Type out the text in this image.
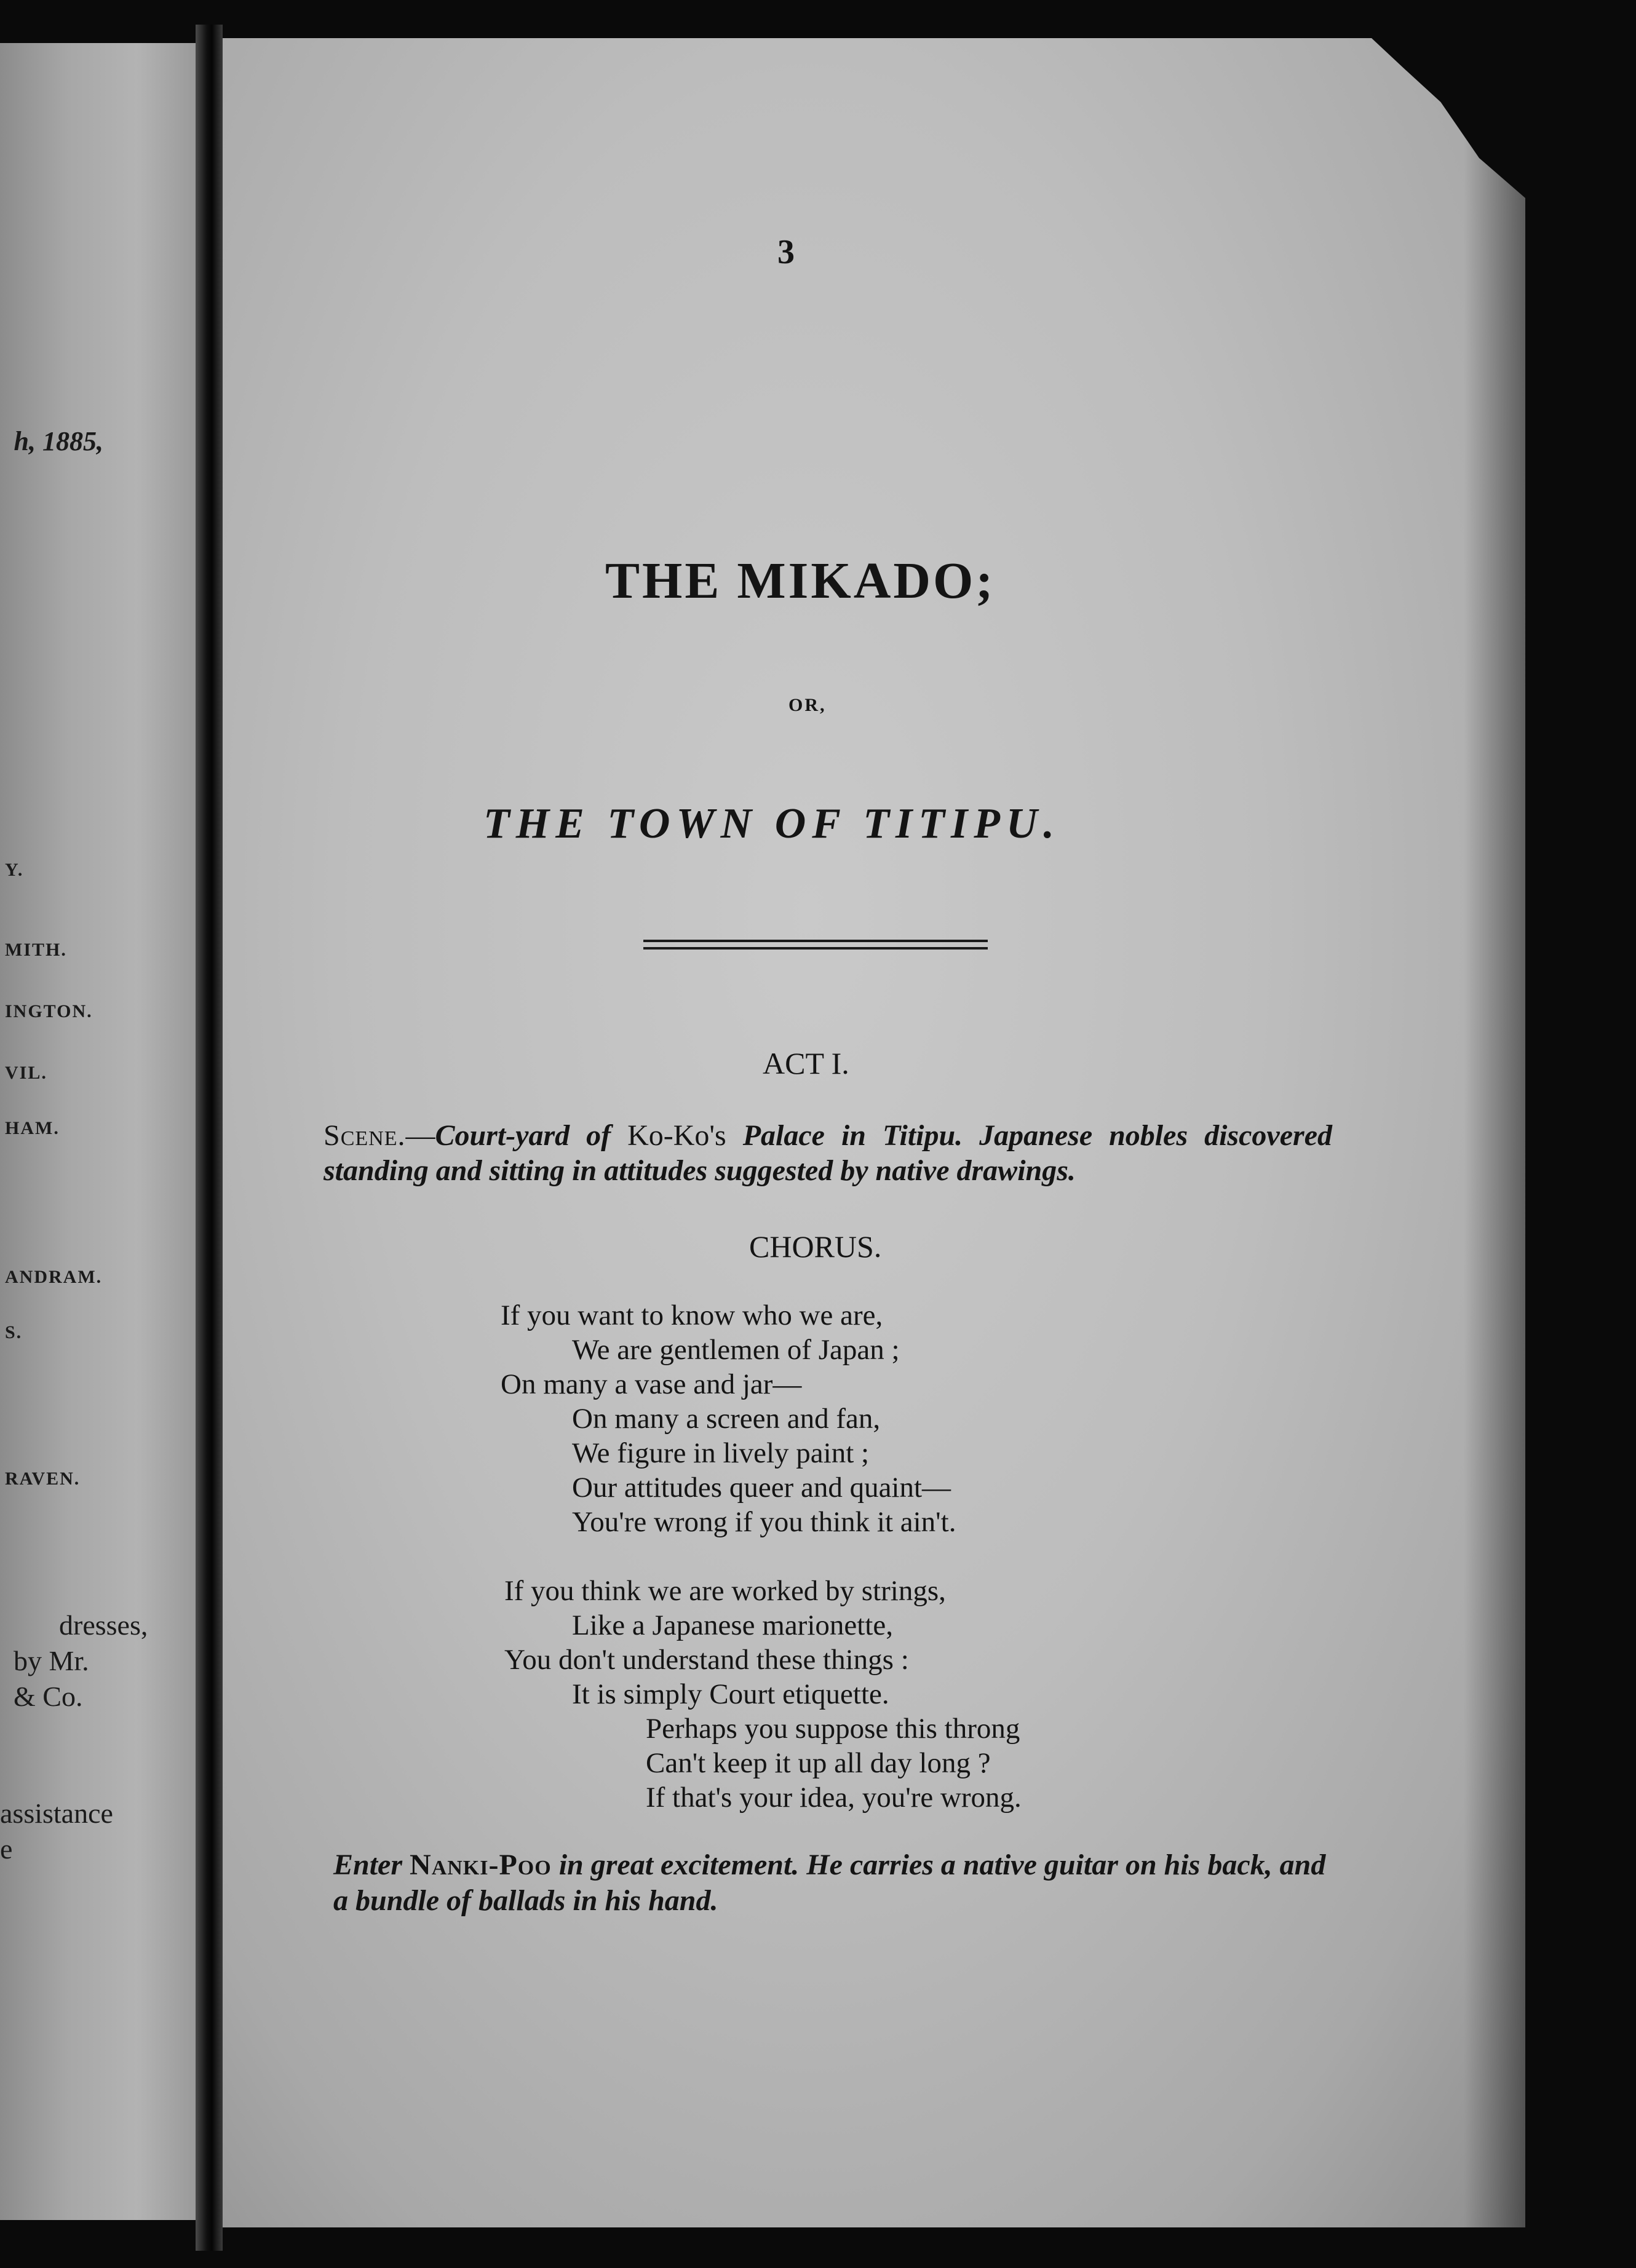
h, 1885,
Y.
MITH.
INGTON.
VIL.
HAM.
ANDRAM.
S.
RAVEN.
dresses,
by Mr.
& Co.
assistance
e
3
THE MIKADO;
OR,
THE TOWN OF TITIPU.
ACT I.
Scene.—Court-yard of Ko-Ko's Palace in Titipu. Japanese nobles discovered standing and sitting in attitudes suggested by native drawings.
CHORUS.
If you want to know who we are,
We are gentlemen of Japan ;
On many a vase and jar—
On many a screen and fan,
We figure in lively paint ;
Our attitudes queer and quaint—
You're wrong if you think it ain't.
If you think we are worked by strings,
Like a Japanese marionette,
You don't understand these things :
It is simply Court etiquette.
Perhaps you suppose this throng
Can't keep it up all day long ?
If that's your idea, you're wrong.
Enter Nanki-Poo in great excitement. He carries a native guitar on his back, and a bundle of ballads in his hand.
